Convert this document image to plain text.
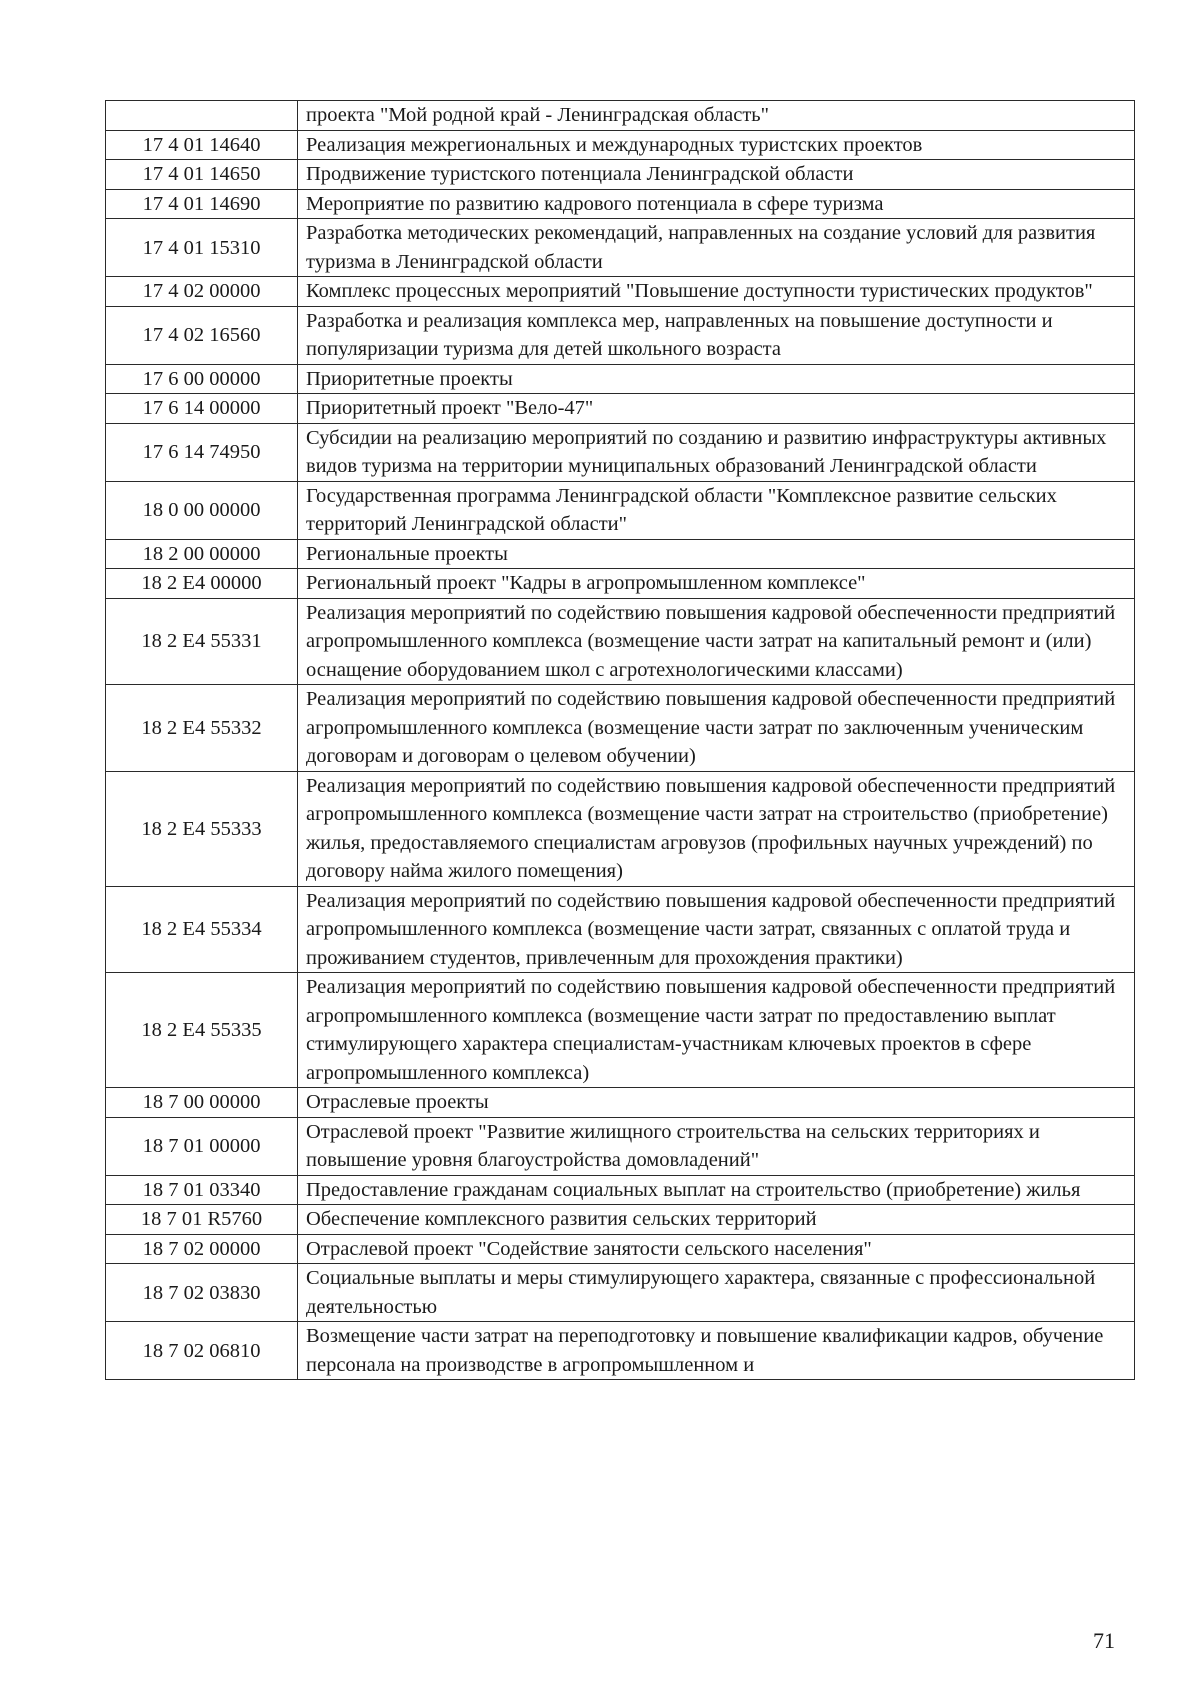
	проекта "Мой родной край - Ленинградская область"
17 4 01 14640	Реализация межрегиональных и международных туристских проектов
17 4 01 14650	Продвижение туристского потенциала Ленинградской области
17 4 01 14690	Мероприятие по развитию кадрового потенциала в сфере туризма
17 4 01 15310	Разработка методических рекомендаций, направленных на создание условий для развития туризма в Ленинградской области
17 4 02 00000	Комплекс процессных мероприятий "Повышение доступности туристических продуктов"
17 4 02 16560	Разработка и реализация комплекса мер, направленных на повышение доступности и популяризации туризма для детей школьного возраста
17 6 00 00000	Приоритетные проекты
17 6 14 00000	Приоритетный проект "Вело-47"
17 6 14 74950	Субсидии на реализацию мероприятий по созданию и развитию инфраструктуры активных видов туризма на территории муниципальных образований Ленинградской области
18 0 00 00000	Государственная программа Ленинградской области "Комплексное развитие сельских территорий Ленинградской области"
18 2 00 00000	Региональные проекты
18 2 E4 00000	Региональный проект "Кадры в агропромышленном комплексе"
18 2 E4 55331	Реализация мероприятий по содействию повышения кадровой обеспеченности предприятий агропромышленного комплекса (возмещение части затрат на капитальный ремонт и (или) оснащение оборудованием школ с агротехнологическими классами)
18 2 E4 55332	Реализация мероприятий по содействию повышения кадровой обеспеченности предприятий агропромышленного комплекса (возмещение части затрат по заключенным ученическим договорам и договорам о целевом обучении)
18 2 E4 55333	Реализация мероприятий по содействию повышения кадровой обеспеченности предприятий агропромышленного комплекса (возмещение части затрат на строительство (приобретение) жилья, предоставляемого специалистам агровузов (профильных научных учреждений) по договору найма жилого помещения)
18 2 E4 55334	Реализация мероприятий по содействию повышения кадровой обеспеченности предприятий агропромышленного комплекса (возмещение части затрат, связанных с оплатой труда и проживанием студентов, привлеченным для прохождения практики)
18 2 E4 55335	Реализация мероприятий по содействию повышения кадровой обеспеченности предприятий агропромышленного комплекса (возмещение части затрат по предоставлению выплат стимулирующего характера специалистам-участникам ключевых проектов в сфере агропромышленного комплекса)
18 7 00 00000	Отраслевые проекты
18 7 01 00000	Отраслевой проект "Развитие жилищного строительства на сельских территориях и повышение уровня благоустройства домовладений"
18 7 01 03340	Предоставление гражданам социальных выплат на строительство (приобретение) жилья
18 7 01 R5760	Обеспечение комплексного развития сельских территорий
18 7 02 00000	Отраслевой проект "Содействие занятости сельского населения"
18 7 02 03830	Социальные выплаты и меры стимулирующего характера, связанные с профессиональной деятельностью
18 7 02 06810	Возмещение части затрат на переподготовку и повышение квалификации кадров, обучение персонала на производстве в агропромышленном и
71
